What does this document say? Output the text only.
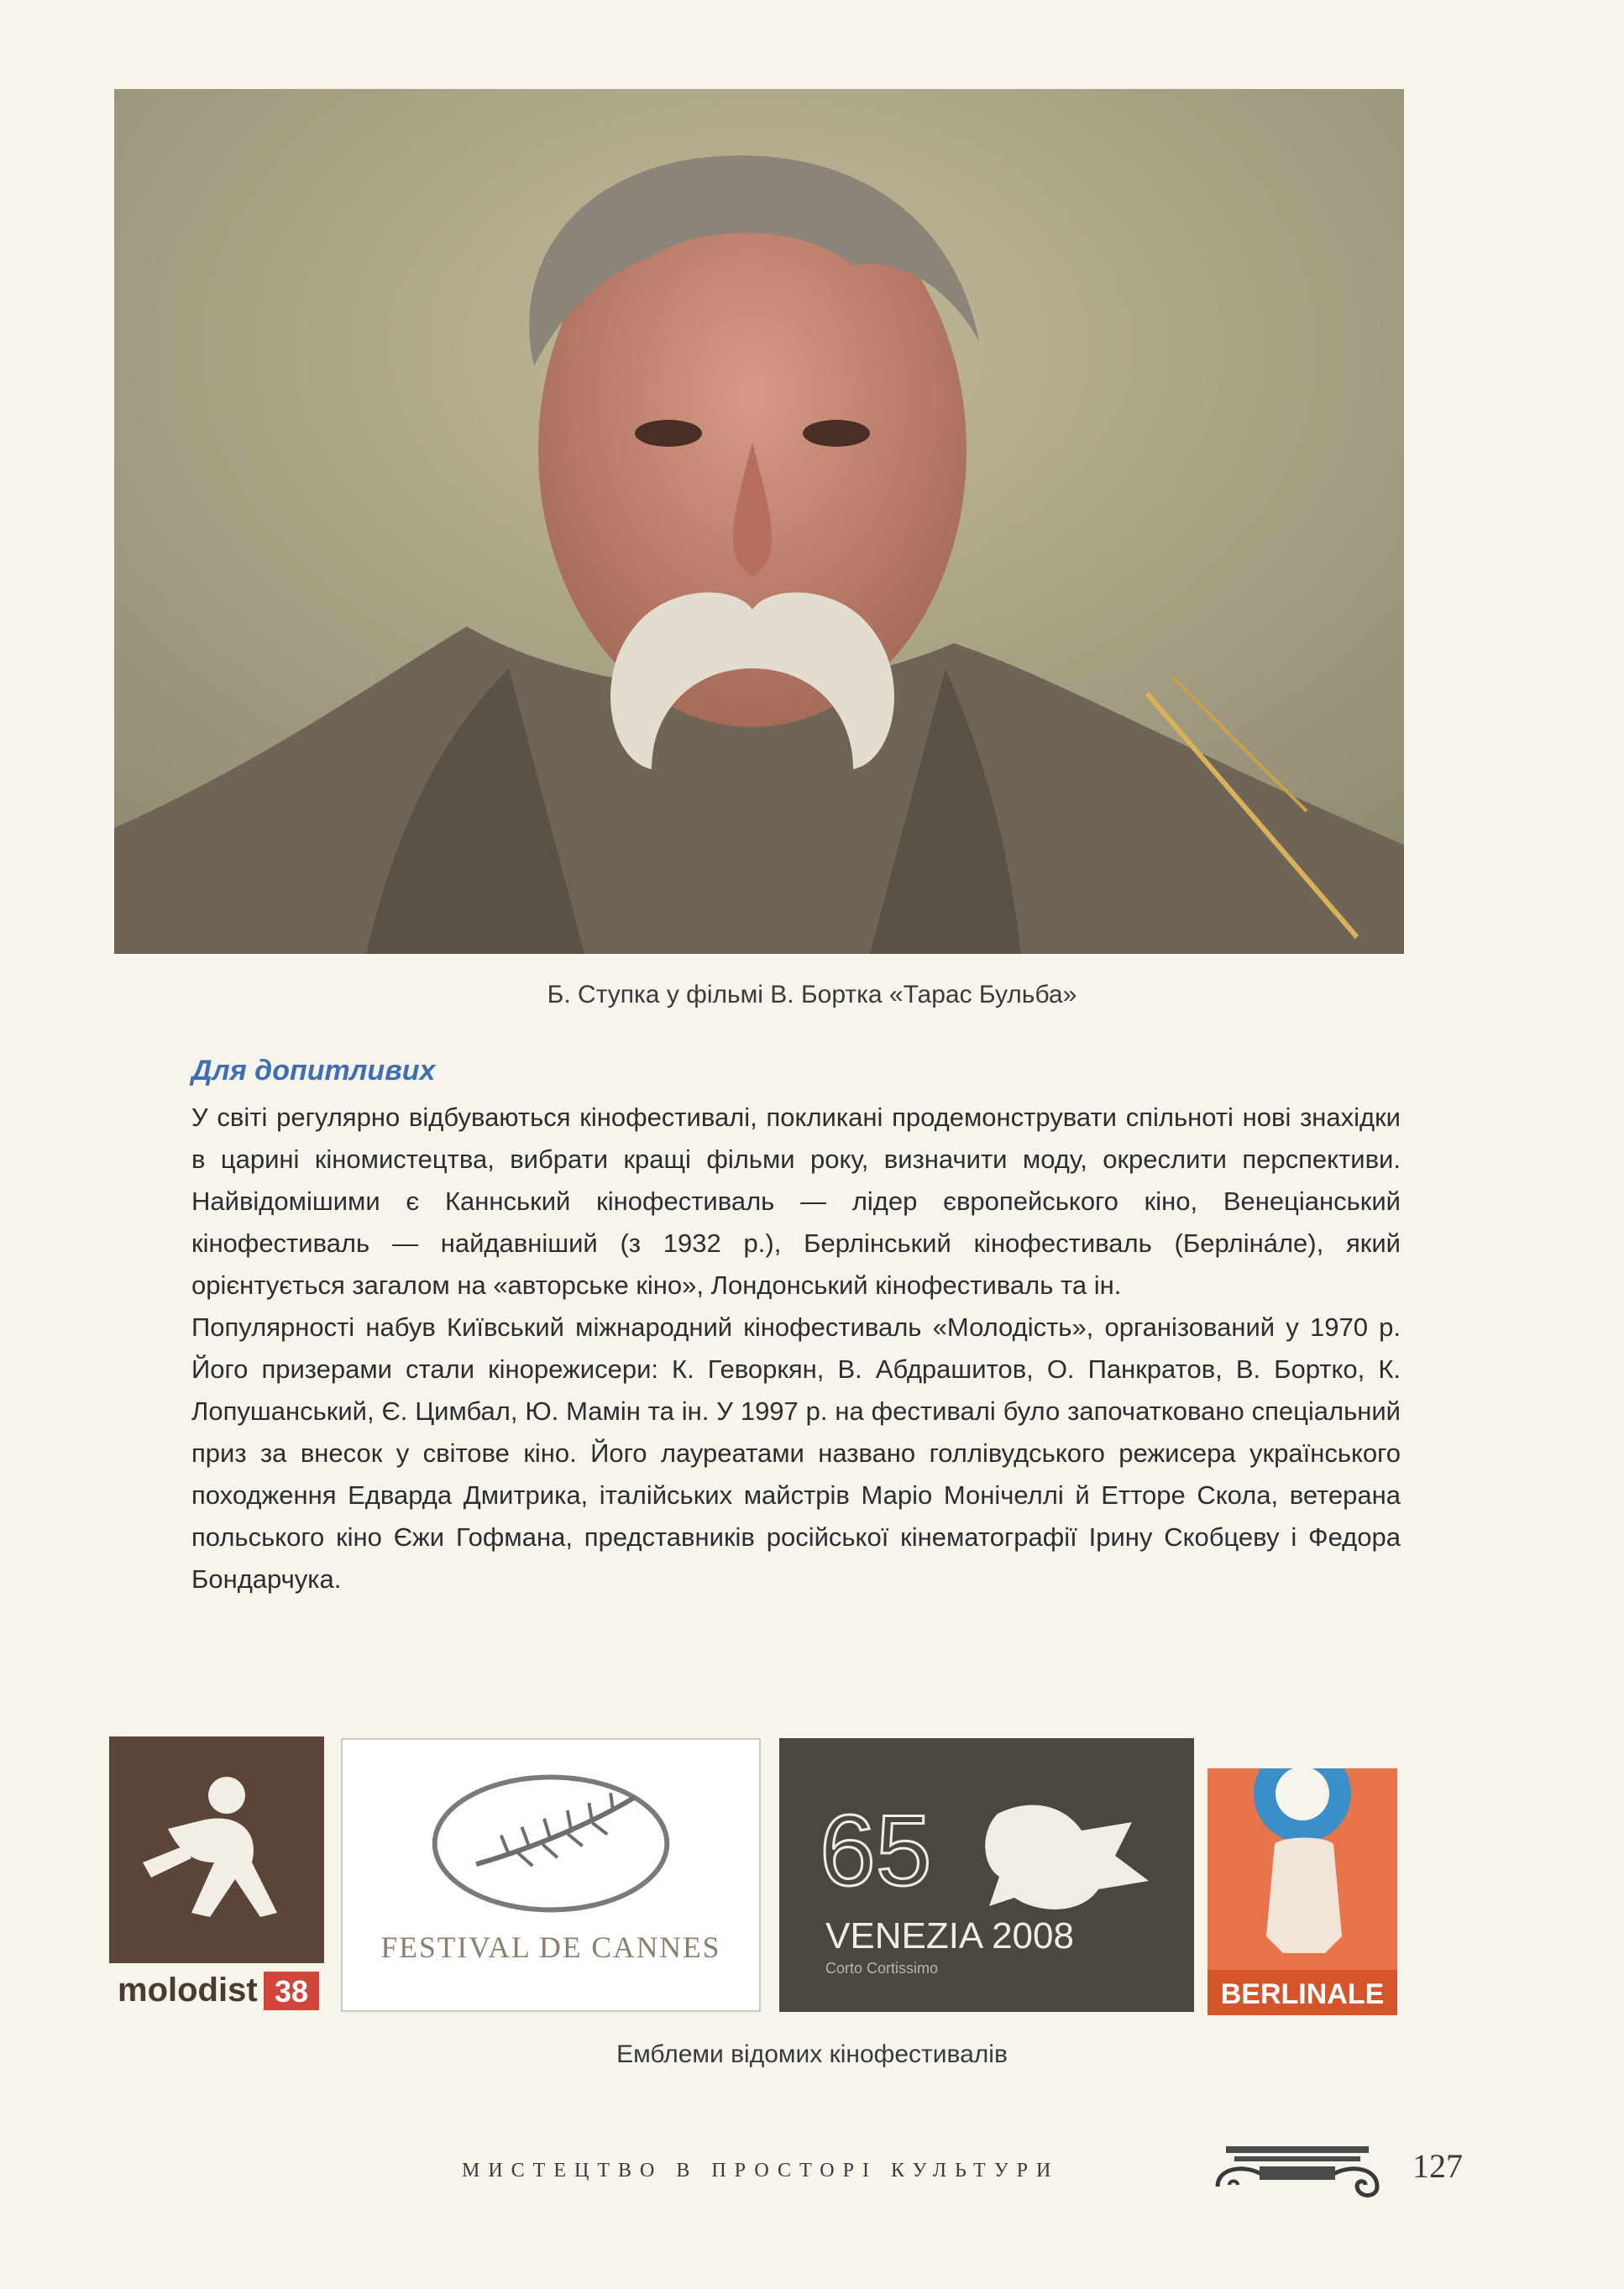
Б. Ступка у фільмі В. Бортка «Тарас Бульба»
Для допитливих

У світі регулярно відбуваються кінофестивалі, покликані продемонструвати спільноті нові знахідки в царині кіномистецтва, вибрати кращі фільми року, визначити моду, окреслити перспективи. Найвідомішими є Каннський кінофестиваль — лідер європейського кіно, Венеціанський кінофестиваль — найдавніший (з 1932 р.), Берлінський кінофестиваль (Берліна́ле), який орієнтується загалом на «авторське кіно», Лондонський кінофестиваль та ін.

Популярності набув Київський міжнародний кінофестиваль «Молодість», організований у 1970 р. Його призерами стали кінорежисери: К. Геворкян, В. Абдрашитов, О. Панкратов, В. Бортко, К. Лопушанський, Є. Цимбал, Ю. Мамін та ін. У 1997 р. на фестивалі було започатковано спеціальний приз за внесок у світове кіно. Його лауреатами названо голлівудського режисера українського походження Едварда Дмитрика, італійських майстрів Маріо Монічеллі й Етторе Скола, ветерана польського кіно Єжи Гофмана, представників російської кінематографії Ірину Скобцеву і Федора Бондарчука.

molodist 38
FESTIVAL DE CANNES
65
VENEZIA 2008
Corto Cortissimo
BERLINALE
Емблеми відомих кінофестивалів
МИСТЕЦТВО В ПРОСТОРІ КУЛЬТУРИ	127
